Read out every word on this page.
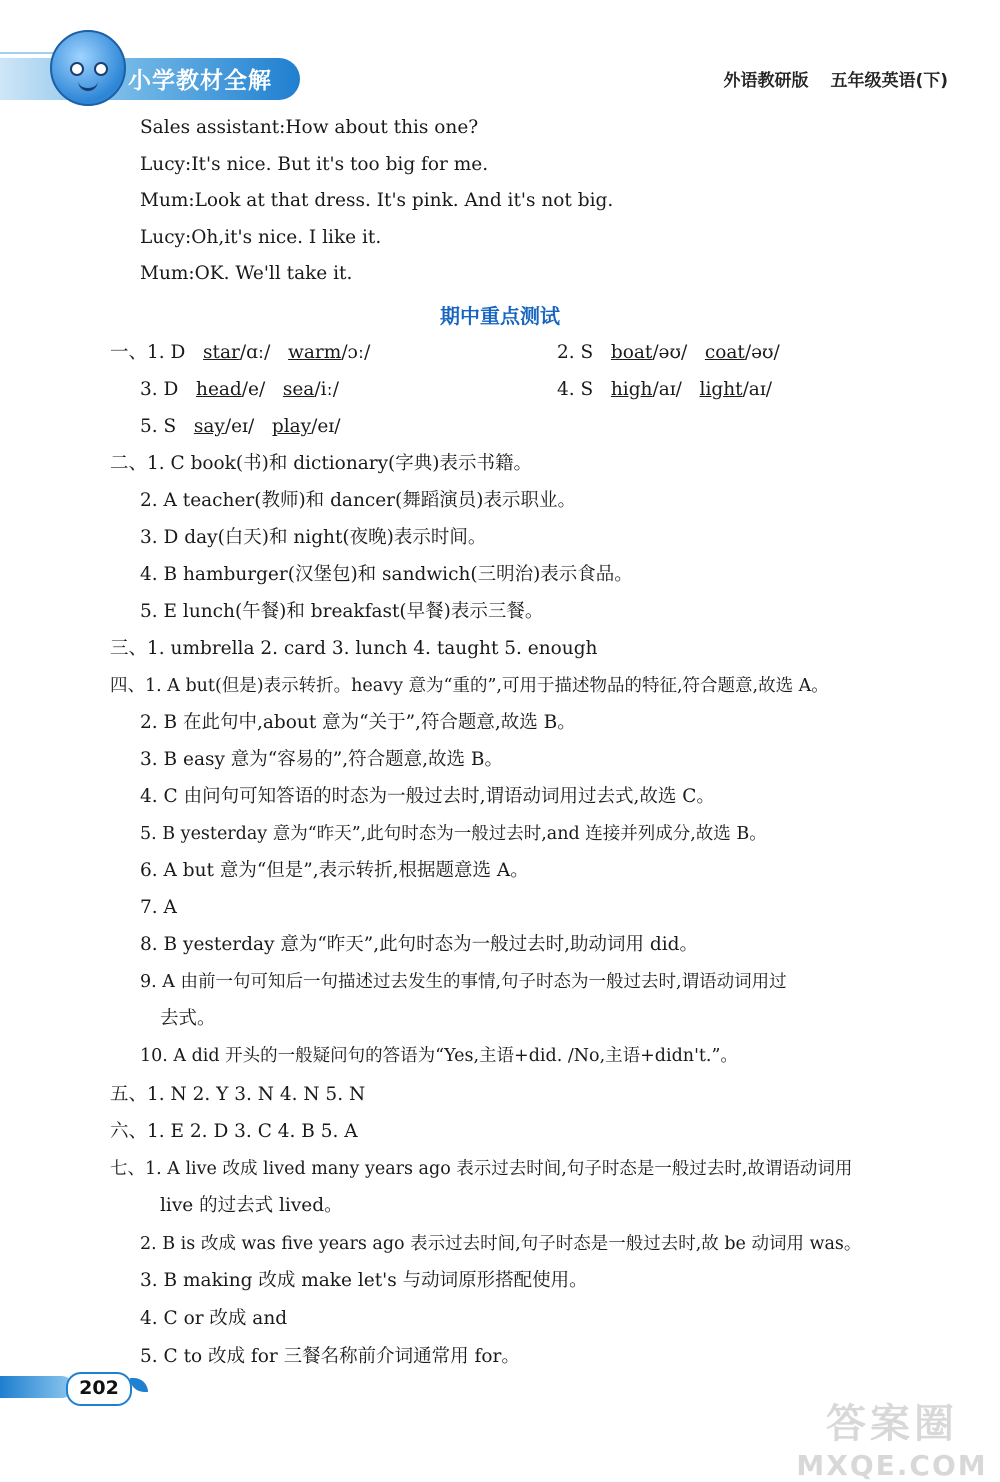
小学教材全解	外语教研版 五年级英语(下)
Sales assistant:How about this one?
Lucy:It's nice. But it's too big for me.
Mum:Look at that dress. It's pink. And it's not big.
Lucy:Oh,it's nice. I like it.
Mum:OK. We'll take it.
期中重点测试
一、1. D star/ɑː/ warm/ɔː/	2. S boat/əʊ/ coat/əʊ/
3. D head/e/ sea/iː/	4. S high/aɪ/ light/aɪ/
5. S say/eɪ/ play/eɪ/
二、1. C book(书)和 dictionary(字典)表示书籍。
2. A teacher(教师)和 dancer(舞蹈演员)表示职业。
3. D day(白天)和 night(夜晚)表示时间。
4. B hamburger(汉堡包)和 sandwich(三明治)表示食品。
5. E lunch(午餐)和 breakfast(早餐)表示三餐。
三、1. umbrella 2. card 3. lunch 4. taught 5. enough
四、1. A but(但是)表示转折。heavy 意为“重的”,可用于描述物品的特征,符合题意,故选 A。
2. B 在此句中,about 意为“关于”,符合题意,故选 B。
3. B easy 意为“容易的”,符合题意,故选 B。
4. C 由问句可知答语的时态为一般过去时,谓语动词用过去式,故选 C。
5. B yesterday 意为“昨天”,此句时态为一般过去时,and 连接并列成分,故选 B。
6. A but 意为“但是”,表示转折,根据题意选 A。
7. A
8. B yesterday 意为“昨天”,此句时态为一般过去时,助动词用 did。
9. A 由前一句可知后一句描述过去发生的事情,句子时态为一般过去时,谓语动词用过
去式。
10. A did 开头的一般疑问句的答语为“Yes,主语+did. /No,主语+didn't.”。
五、1. N 2. Y 3. N 4. N 5. N
六、1. E 2. D 3. C 4. B 5. A
七、1. A live 改成 lived many years ago 表示过去时间,句子时态是一般过去时,故谓语动词用
live 的过去式 lived。
2. B is 改成 was five years ago 表示过去时间,句子时态是一般过去时,故 be 动词用 was。
3. B making 改成 make let's 与动词原形搭配使用。
4. C or 改成 and
5. C to 改成 for 三餐名称前介词通常用 for。
202
答案圈
MXQE.COM
